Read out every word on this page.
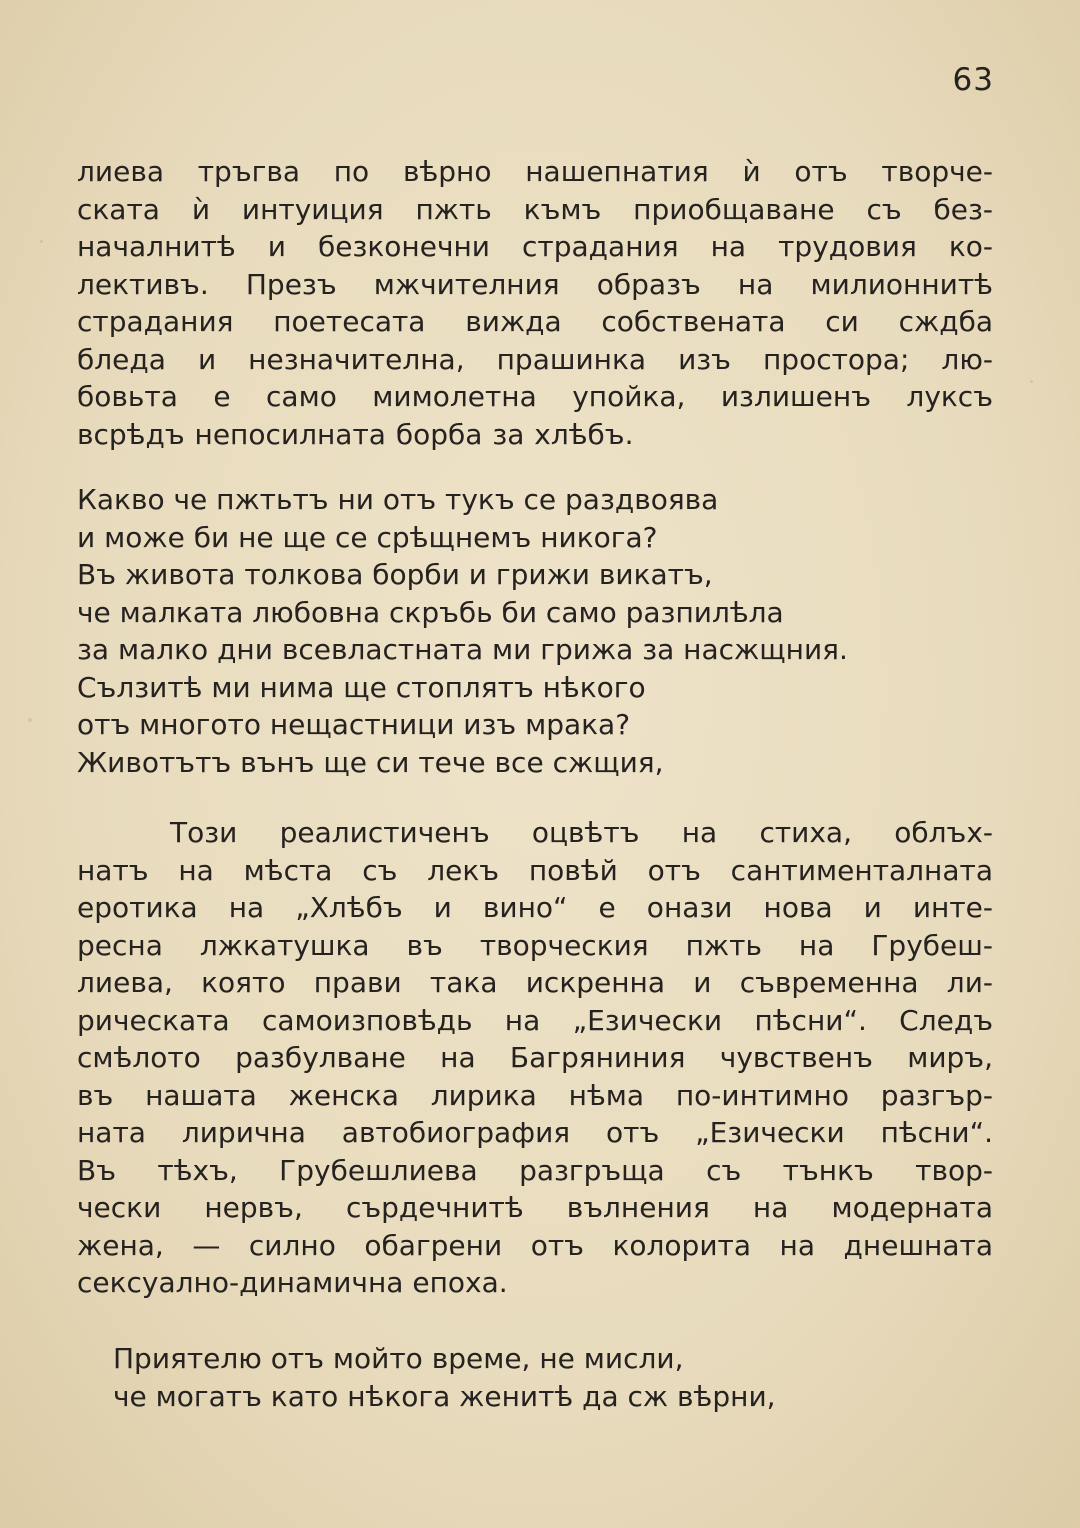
63
лиева тръгва по вѣрно нашепнатия ѝ отъ творче-
ската ѝ интуиция пжть къмъ приобщаване съ без-
началнитѣ и безконечни страдания на трудовия ко-
лективъ. Презъ мжчителния образъ на милионнитѣ
страдания поетесата вижда собствената си сждба
бледа и незначителна, прашинка изъ простора; лю-
бовьта е само мимолетна упойка, излишенъ луксъ
всрѣдъ непосилната борба за хлѣбъ.
Какво че пжтьтъ ни отъ тукъ се раздвоява
и може би не ще се срѣщнемъ никога?
Въ живота толкова борби и грижи викатъ,
че малката любовна скръбь би само разпилѣла
за малко дни всевластната ми грижа за насжщния.
Сълзитѣ ми нима ще стоплятъ нѣкого
отъ многото нещастници изъ мрака?
Животътъ вънъ ще си тече все сжщия,
Този реалистиченъ оцвѣтъ на стиха, облъх-
натъ на мѣста съ лекъ повѣй отъ сантименталната
еротика на „Хлѣбъ и вино“ е онази нова и инте-
ресна лжкатушка въ творческия пжть на Грубеш-
лиева, която прави така искренна и съвременна ли-
рическата самоизповѣдь на „Езически пѣсни“. Следъ
смѣлото разбулване на Багряниния чувственъ миръ,
въ нашата женска лирика нѣма по-интимно разгър-
ната лирична автобиография отъ „Езически пѣсни“.
Въ тѣхъ, Грубешлиева разгръща съ тънкъ твор-
чески нервъ, сърдечнитѣ вълнения на модерната
жена, — силно обагрени отъ колорита на днешната
сексуално-динамична епоха.
Приятелю отъ мойто време, не мисли,
че могатъ като нѣкога женитѣ да сж вѣрни,
